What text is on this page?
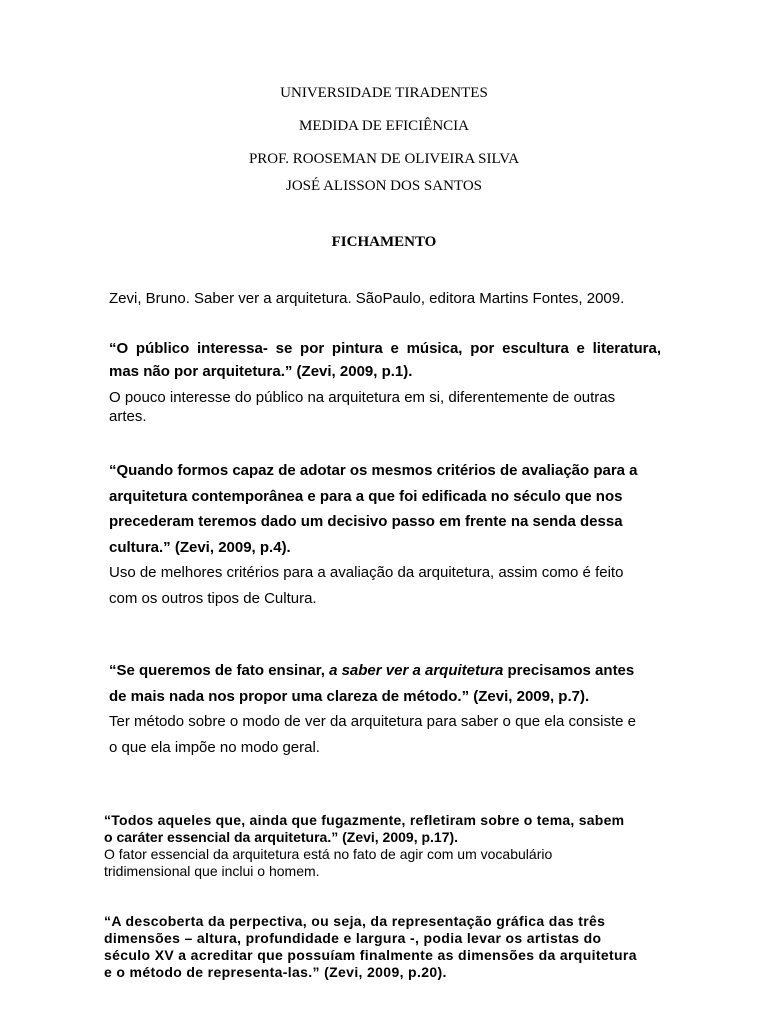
UNIVERSIDADE TIRADENTES
MEDIDA DE EFICIÊNCIA
PROF. ROOSEMAN DE OLIVEIRA SILVA
JOSÉ ALISSON DOS SANTOS
FICHAMENTO
Zevi, Bruno. Saber ver a arquitetura. SãoPaulo, editora Martins Fontes, 2009.
“O público interessa- se por pintura e música, por escultura e literatura,
mas não por arquitetura.” (Zevi, 2009, p.1).
O pouco interesse do público na arquitetura em si, diferentemente de outras
artes.
“Quando formos capaz de adotar os mesmos critérios de avaliação para a
arquitetura contemporânea e para a que foi edificada no século que nos
precederam teremos dado um decisivo passo em frente na senda dessa
cultura.” (Zevi, 2009, p.4).
Uso de melhores critérios para a avaliação da arquitetura, assim como é feito
com os outros tipos de Cultura.
“Se queremos de fato ensinar, a saber ver a arquitetura precisamos antes
de mais nada nos propor uma clareza de método.” (Zevi, 2009, p.7).
Ter método sobre o modo de ver da arquitetura para saber o que ela consiste e
o que ela impõe no modo geral.
“Todos aqueles que, ainda que fugazmente, refletiram sobre o tema, sabem
o caráter essencial da arquitetura.” (Zevi, 2009, p.17).
O fator essencial da arquitetura está no fato de agir com um vocabulário
tridimensional que inclui o homem.
“A descoberta da perpectiva, ou seja, da representação gráfica das três
dimensões – altura, profundidade e largura -, podia levar os artistas do
século XV a acreditar que possuíam finalmente as dimensões da arquitetura
e o método de representa-las.” (Zevi, 2009, p.20).
